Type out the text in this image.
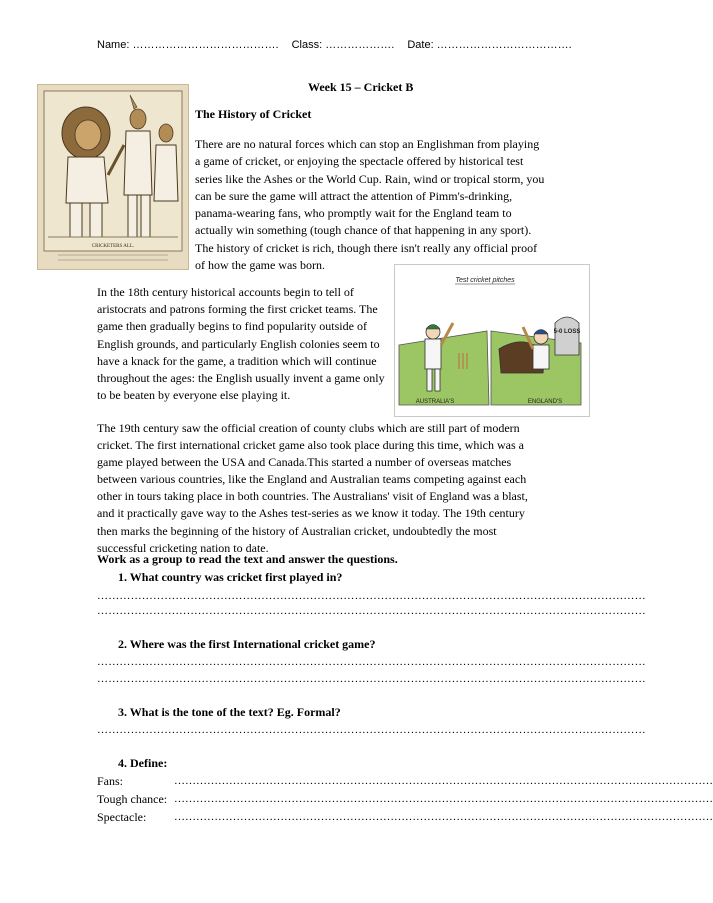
Name: …………………………………. Class: ………………. Date: ……………………………….
Week 15 – Cricket B
CRICKETERS ALL.
The History of Cricket
There are no natural forces which can stop an Englishman from playing a game of cricket, or enjoying the spectacle offered by historical test series like the Ashes or the World Cup. Rain, wind or tropical storm, you can be sure the game will attract the attention of Pimm's-drinking, panama-wearing fans, who promptly wait for the England team to actually win something (tough chance of that happening in any sport). The history of cricket is rich, though there isn't really any official proof of how the game was born.
Test cricket pitches
AUSTRALIA'S
5-0 LOSS
ENGLAND'S
In the 18th century historical accounts begin to tell of aristocrats and patrons forming the first cricket teams. The game then gradually begins to find popularity outside of English grounds, and particularly English colonies seem to have a knack for the game, a tradition which will continue throughout the ages: the English usually invent a game only to be beaten by everyone else playing it.
The 19th century saw the official creation of county clubs which are still part of modern cricket. The first international cricket game also took place during this time, which was a game played between the USA and Canada.This started a number of overseas matches between various countries, like the England and Australian teams competing against each other in tours taking place in both countries. The Australians' visit of England was a blast, and it practically gave way to the Ashes test-series as we know it today. The 19th century then marks the beginning of the history of Australian cricket, undoubtedly the most successful cricketing nation to date.
Work as a group to read the text and answer the questions.
1. What country was cricket first played in?
…………………………………………………………………………………………………………………………………
…………………………………………………………………………………………………………………………………
2. Where was the first International cricket game?
…………………………………………………………………………………………………………………………………
…………………………………………………………………………………………………………………………………
3. What is the tone of the text? Eg. Formal?
…………………………………………………………………………………………………………………………………
4. Define:
Fans:	…………………………………………………………………………………………………………………………………
Tough chance: …………………………………………………………………………………………………………………………………
Spectacle:	…………………………………………………………………………………………………………………………………
